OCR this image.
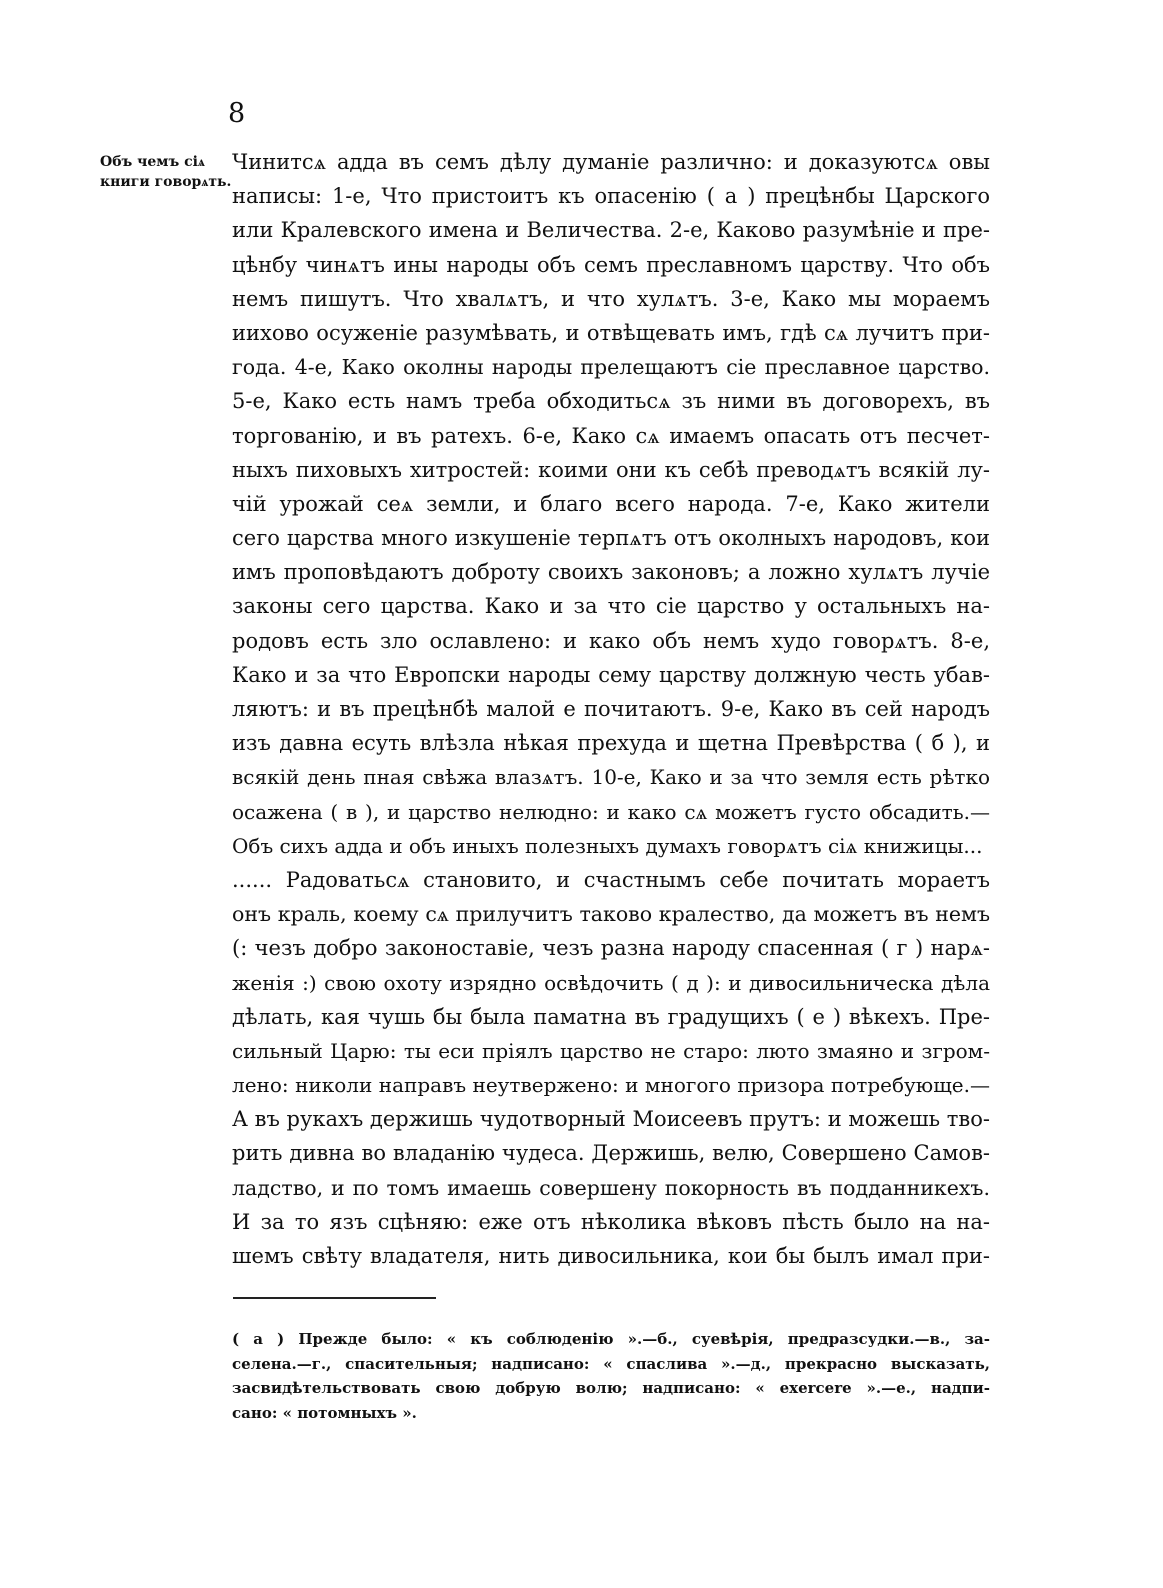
8
Объ чемъ сіѧ
книги говорѧть.
Чинитсѧ адда въ семъ дѣлу думаніе различно: и доказуютсѧ овы
написы: 1-е, Что пристоитъ къ опасенію ( а ) прецѣнбы Царского
или Кралевского имена и Величества. 2-е, Каково разумѣніе и пре-
цѣнбу чинѧтъ ины народы объ семъ преславномъ царству. Что объ
немъ пишутъ. Что хвалѧтъ, и что хулѧтъ. 3-е, Како мы мораемъ
иихово осуженіе разумѣвать, и отвѣщевать имъ, гдѣ сѧ лучитъ при-
года. 4-е, Како околны народы прелещаютъ сіе преславное царство.
5-е, Како есть намъ треба обходитьсѧ зъ ними въ договорехъ, въ
торгованію, и въ ратехъ. 6-е, Како сѧ имаемъ опасать отъ песчет-
ныхъ пиховыхъ хитростей: коими они къ себѣ преводѧтъ всякій лу-
чій урожай сеѧ земли, и благо всего народа. 7-е, Како жители
сего царства много изкушеніе терпѧтъ отъ околныхъ народовъ, кои
имъ проповѣдаютъ доброту своихъ законовъ; а ложно хулѧтъ лучіе
законы сего царства. Како и за что сіе царство у остальныхъ на-
родовъ есть зло ославлено: и како объ немъ худо говорѧтъ. 8-е,
Како и за что Европски народы сему царству должную честь убав-
ляютъ: и въ прецѣнбѣ малой е почитаютъ. 9-е, Како въ сей народъ
изъ давна есуть влѣзла нѣкая прехуда и щетна Превѣрства ( б ), и
всякій день пная свѣжа влазѧтъ. 10-е, Како и за что земля есть рѣтко
осажена ( в ), и царство нелюдно: и како сѧ можетъ густо обсадить.—
Объ сихъ адда и объ иныхъ полезныхъ думахъ говорѧтъ сіѧ книжицы...
...... Радоватьсѧ становито, и счастнымъ себе почитать мораетъ
онъ краль, коему сѧ прилучитъ таково кралество, да можетъ въ немъ
(: чезъ добро законоставіе, чезъ разна народу спасенная ( г ) нарѧ-
женія :) свою охоту изрядно освѣдочить ( д ): и дивосильническа дѣла
дѣлать, кая чушь бы была паматна въ градущихъ ( е ) вѣкехъ. Пре-
сильный Царю: ты еси пріялъ царство не старо: люто змаяно и згром-
лено: николи направъ неутвержено: и многого призора потребующе.—
А въ рукахъ держишь чудотворный Моисеевъ прутъ: и можешь тво-
рить дивна во владанію чудеса. Держишь, велю, Совершено Самов-
ладство, и по томъ имаешь совершену покорность въ подданникехъ.
И за то язъ сцѣняю: еже отъ нѣколика вѣковъ пѣсть было на на-
шемъ свѣту владателя, нить дивосильника, кои бы былъ имал при-
( а ) Прежде было: « къ соблюденію ».—б., суевѣрія, предразсудки.—в., за-
селена.—г., спасительныя; надписано: « спаслива ».—д., прекрасно высказать,
засвидѣтельствовать свою добрую волю; надписано: « exercere ».—е., надпи-
сано: « потомныхъ ».
